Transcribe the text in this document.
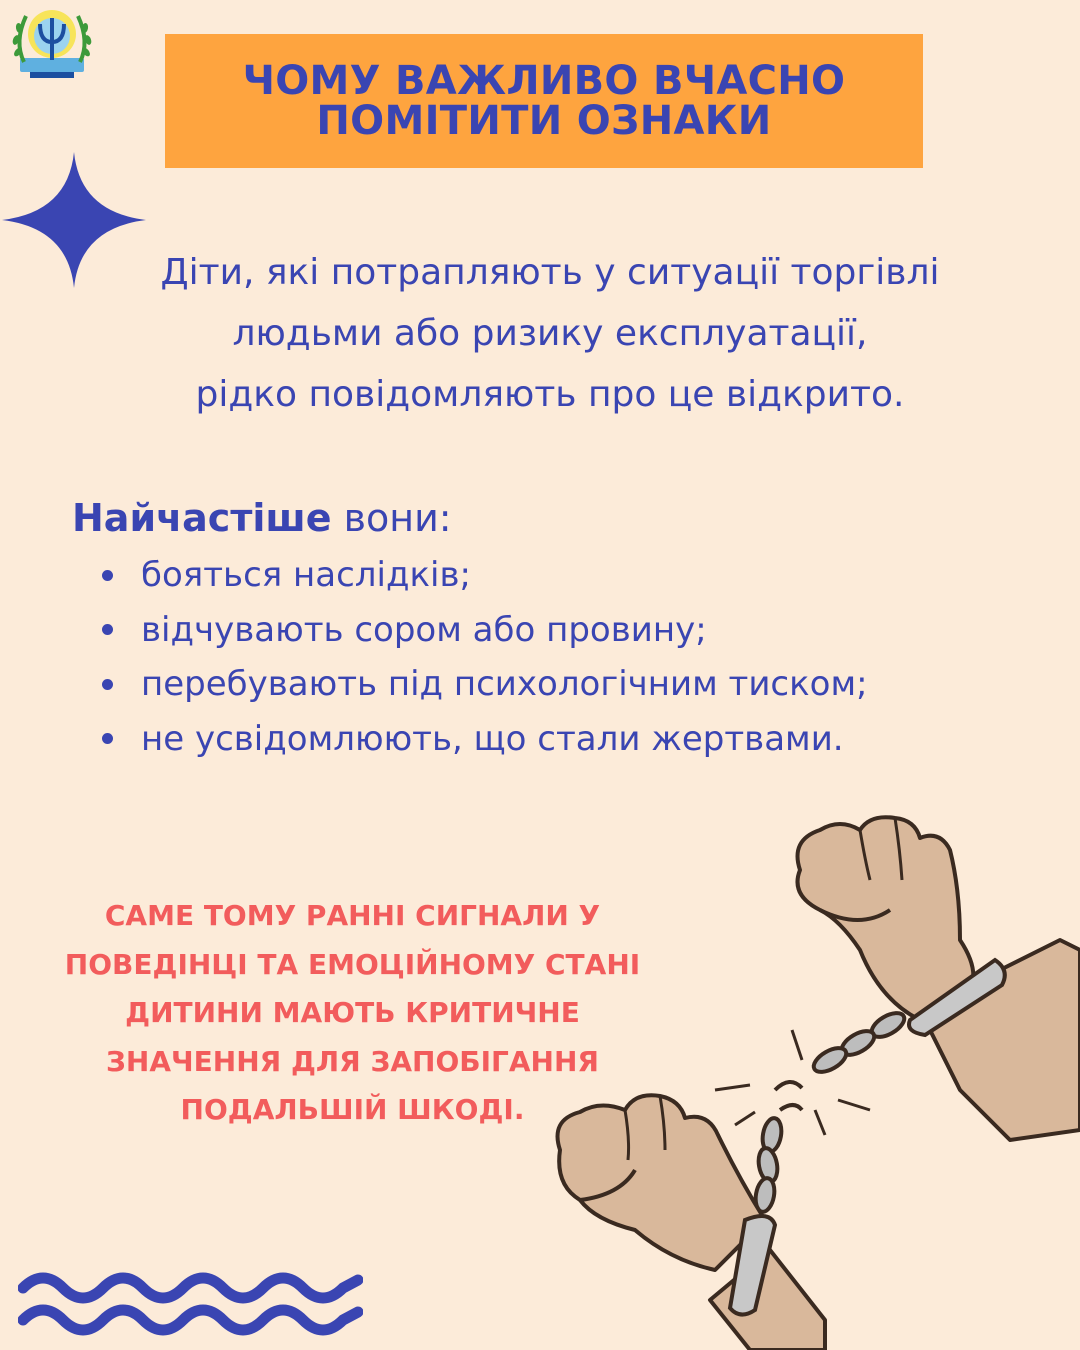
ЧОМУ ВАЖЛИВО ВЧАСНО
ПОМІТИТИ ОЗНАКИ
Діти, які потрапляють у ситуації торгівлі
людьми або ризику експлуатації,
рідко повідомляють про це відкрито.
Найчастіше вони:
бояться наслідків;
відчувають сором або провину;
перебувають під психологічним тиском;
не усвідомлюють, що стали жертвами.
САМЕ ТОМУ РАННІ СИГНАЛИ У
ПОВЕДІНЦІ ТА ЕМОЦІЙНОМУ СТАНІ
ДИТИНИ МАЮТЬ КРИТИЧНЕ
ЗНАЧЕННЯ ДЛЯ ЗАПОБІГАННЯ
ПОДАЛЬШІЙ ШКОДІ.
